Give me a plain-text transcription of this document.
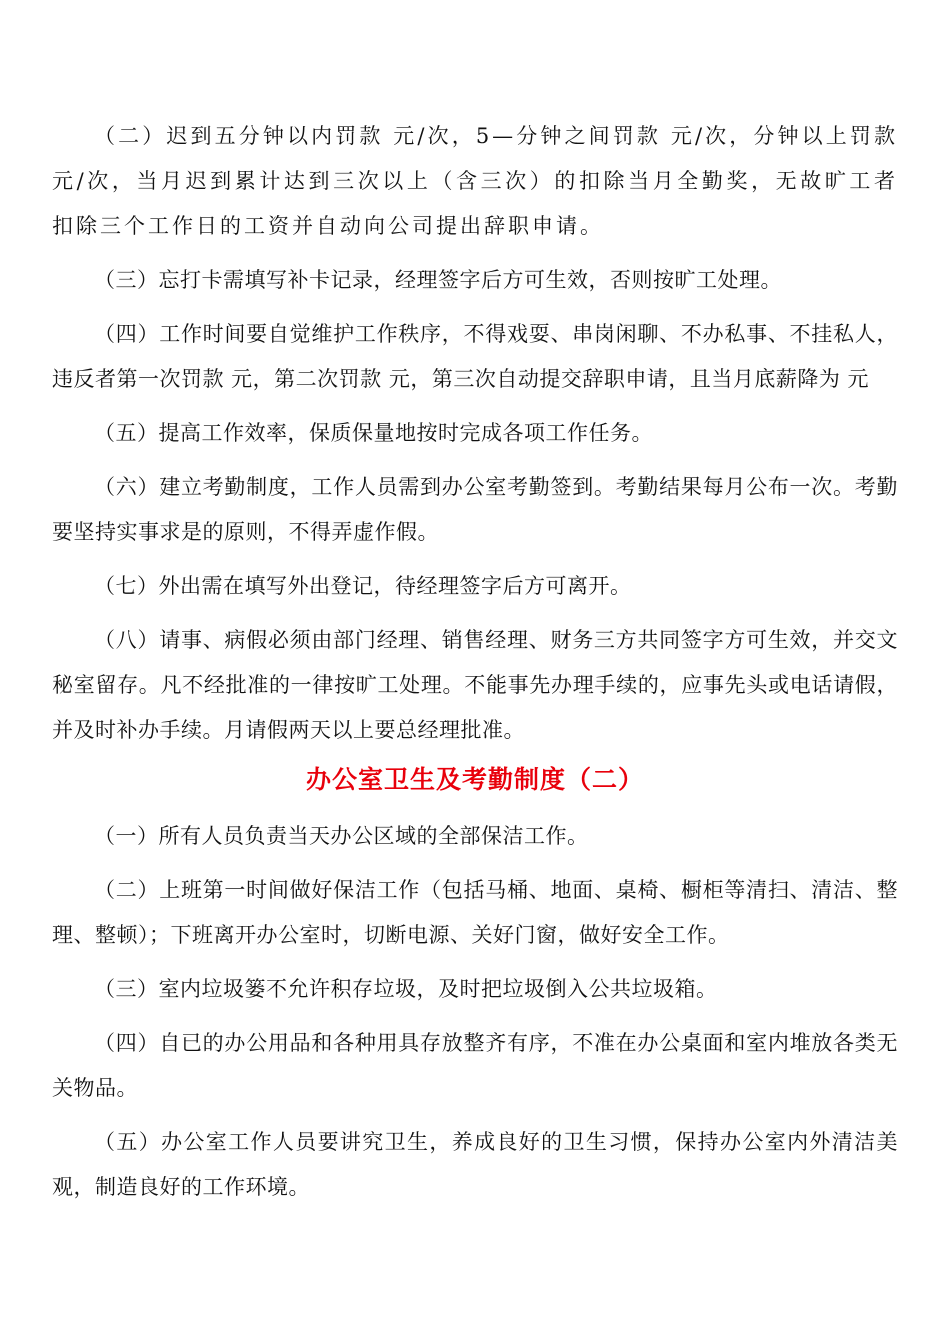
（二）迟到五分钟以内罚款 元/次，5—分钟之间罚款 元/次，分钟以上罚款 元/次，当月迟到累计达到三次以上（含三次）的扣除当月全勤奖，无故旷工者扣除三个工作日的工资并自动向公司提出辞职申请。

（三）忘打卡需填写补卡记录，经理签字后方可生效，否则按旷工处理。

（四）工作时间要自觉维护工作秩序，不得戏耍、串岗闲聊、不办私事、不挂私人，违反者第一次罚款 元，第二次罚款 元，第三次自动提交辞职申请，且当月底薪降为 元

（五）提高工作效率，保质保量地按时完成各项工作任务。

（六）建立考勤制度，工作人员需到办公室考勤签到。考勤结果每月公布一次。考勤要坚持实事求是的原则，不得弄虚作假。

（七）外出需在填写外出登记，待经理签字后方可离开。

（八）请事、病假必须由部门经理、销售经理、财务三方共同签字方可生效，并交文秘室留存。凡不经批准的一律按旷工处理。不能事先办理手续的，应事先头或电话请假，并及时补办手续。月请假两天以上要总经理批准。

办公室卫生及考勤制度（二）

（一）所有人员负责当天办公区域的全部保洁工作。

（二）上班第一时间做好保洁工作（包括马桶、地面、桌椅、橱柜等清扫、清洁、整理、整顿）；下班离开办公室时，切断电源、关好门窗，做好安全工作。

（三）室内垃圾篓不允许积存垃圾，及时把垃圾倒入公共垃圾箱。

（四）自已的办公用品和各种用具存放整齐有序，不准在办公桌面和室内堆放各类无关物品。

（五）办公室工作人员要讲究卫生，养成良好的卫生习惯，保持办公室内外清洁美观，制造良好的工作环境。
